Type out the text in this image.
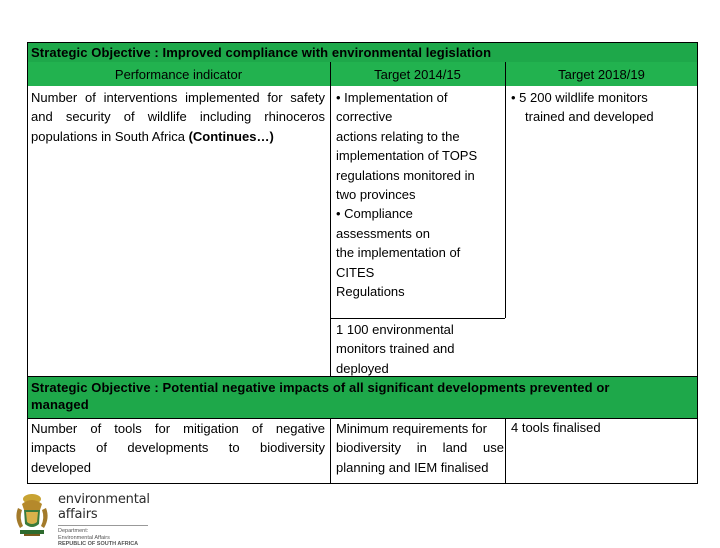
Strategic Objective : Improved compliance with environmental legislation
Performance indicator	Target 2014/15	Target 2018/19
Number of interventions implemented for safety
and security of wildlife including rhinoceros
populations in South Africa (Continues…)
• Implementation of
corrective
actions relating to the
implementation of TOPS
regulations monitored in
two provinces
• Compliance
assessments on
the implementation of
CITES
Regulations
1 100 environmental
monitors trained and
deployed
• 5 200 wildlife monitors
trained and developed
Strategic Objective : Potential negative impacts of all significant developments prevented or
managed
Number of tools for mitigation of negative
impacts of developments to biodiversity
developed
Minimum requirements for
biodiversity in land use
planning and IEM finalised
4 tools finalised
environmental affairs
Department:
Environmental Affairs
REPUBLIC OF SOUTH AFRICA
